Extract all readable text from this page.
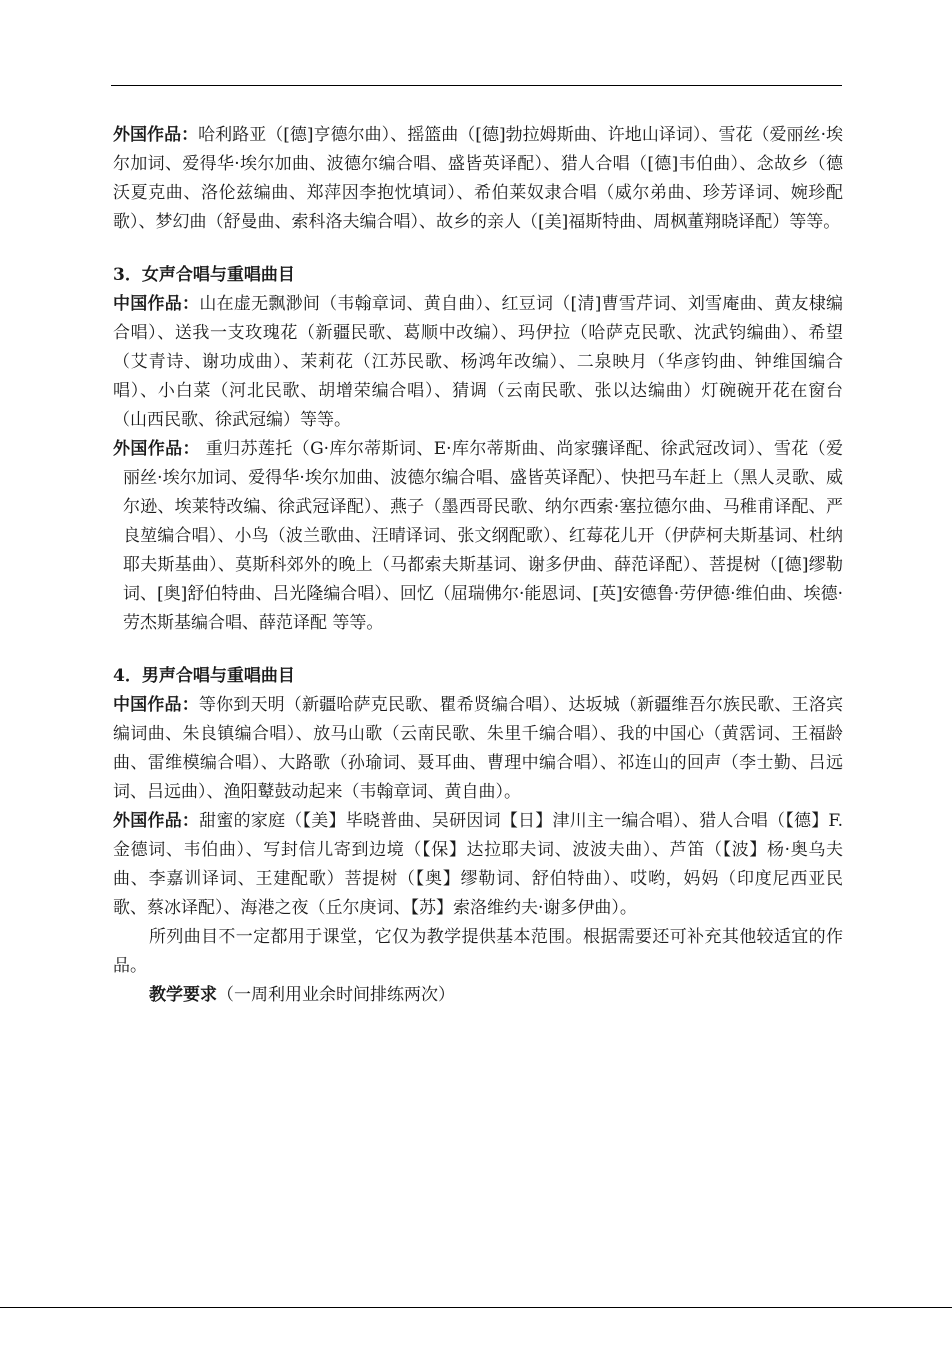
外国作品：哈利路亚（[德]亨德尔曲）、摇篮曲（[德]勃拉姆斯曲、许地山译词）、雪花（爱丽丝·埃尔加词、爱得华·埃尔加曲、波德尔编合唱、盛皆英译配）、猎人合唱（[德]韦伯曲）、念故乡（德沃夏克曲、洛伦兹编曲、郑萍因李抱忱填词）、希伯莱奴隶合唱（威尔弟曲、珍芳译词、婉珍配歌）、梦幻曲（舒曼曲、索科洛夫编合唱）、故乡的亲人（[美]福斯特曲、周枫董翔晓译配）等等。

3．女声合唱与重唱曲目

中国作品：山在虚无飘渺间（韦翰章词、黄自曲）、红豆词（[清]曹雪芹词、刘雪庵曲、黄友棣编合唱）、送我一支玫瑰花（新疆民歌、葛顺中改编）、玛伊拉（哈萨克民歌、沈武钧编曲）、希望（艾青诗、谢功成曲）、茉莉花（江苏民歌、杨鸿年改编）、二泉映月（华彦钧曲、钟维国编合唱）、小白菜（河北民歌、胡增荣编合唱）、猜调（云南民歌、张以达编曲）灯碗碗开花在窗台（山西民歌、徐武冠编）等等。

外国作品： 重归苏莲托（G·库尔蒂斯词、E·库尔蒂斯曲、尚家骧译配、徐武冠改词）、雪花（爱丽丝·埃尔加词、爱得华·埃尔加曲、波德尔编合唱、盛皆英译配）、快把马车赶上（黑人灵歌、威尔逊、埃莱特改编、徐武冠译配）、燕子（墨西哥民歌、纳尔西索·塞拉德尔曲、马稚甫译配、严良堃编合唱）、小鸟（波兰歌曲、汪晴译词、张文纲配歌）、红莓花儿开（伊萨柯夫斯基词、杜纳耶夫斯基曲）、莫斯科郊外的晚上（马都索夫斯基词、谢多伊曲、薛范译配）、菩提树（[德]缪勒词、[奥]舒伯特曲、吕光隆编合唱）、回忆（屈瑞佛尔·能恩词、[英]安德鲁·劳伊德·维伯曲、埃德·劳杰斯基编合唱、薛范译配 等等。

4．男声合唱与重唱曲目

中国作品：等你到天明（新疆哈萨克民歌、瞿希贤编合唱）、达坂城（新疆维吾尔族民歌、王洛宾编词曲、朱良镇编合唱）、放马山歌（云南民歌、朱里千编合唱）、我的中国心（黄霑词、王福龄曲、雷维模编合唱）、大路歌（孙瑜词、聂耳曲、曹理中编合唱）、祁连山的回声（李士勤、吕远词、吕远曲）、渔阳鼙鼓动起来（韦翰章词、黄自曲）。

外国作品：甜蜜的家庭（【美】毕晓普曲、吴研因词【日】津川主一编合唱）、猎人合唱（【德】F.金德词、韦伯曲）、写封信儿寄到边境（【保】达拉耶夫词、波波夫曲）、芦笛（【波】杨·奥乌夫曲、李嘉训译词、王建配歌）菩提树（【奥】缪勒词、舒伯特曲）、哎哟，妈妈（印度尼西亚民歌、蔡冰译配）、海港之夜（丘尔庚词、【苏】索洛维约夫·谢多伊曲）。

所列曲目不一定都用于课堂，它仅为教学提供基本范围。根据需要还可补充其他较适宜的作品。

教学要求（一周利用业余时间排练两次）
